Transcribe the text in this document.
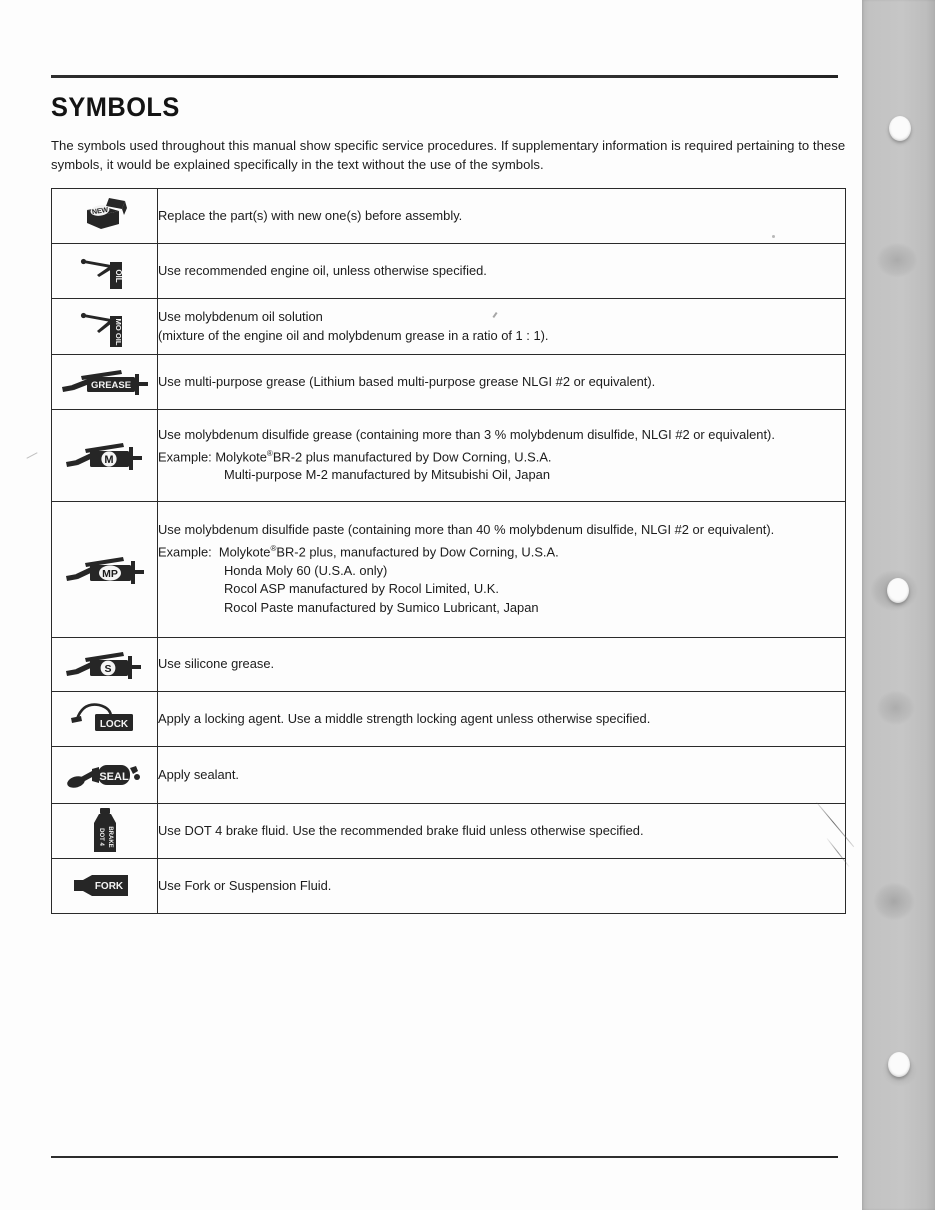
SYMBOLS
The symbols used throughout this manual show specific service procedures. If supplementary information is required pertaining to these symbols, it would be explained specifically in the text without the use of the symbols.
NEW	Replace the part(s) with new one(s) before assembly.

OIL	Use recommended engine oil, unless otherwise specified.

MO OIL	Use molybdenum oil solution
(mixture of the engine oil and molybdenum grease in a ratio of 1 : 1).

GREASE	Use multi-purpose grease (Lithium based multi-purpose grease NLGI #2 or equivalent).

M	Use molybdenum disulfide grease (containing more than 3 % molybdenum disulfide, NLGI #2 or equivalent).
Example: Molykote®BR-2 plus manufactured by Dow Corning, U.S.A.
Multi-purpose M-2 manufactured by Mitsubishi Oil, Japan

MP	Use molybdenum disulfide paste (containing more than 40 % molybdenum disulfide, NLGI #2 or equivalent).
Example:  Molykote®BR-2 plus, manufactured by Dow Corning, U.S.A.
Honda Moly 60 (U.S.A. only)
Rocol ASP manufactured by Rocol Limited, U.K.
Rocol Paste manufactured by Sumico Lubricant, Japan

S	Use silicone grease.

LOCK	Apply a locking agent. Use a middle strength locking agent unless otherwise specified.

SEAL	Apply sealant.

DOT 4 BRAKE	Use DOT 4 brake fluid. Use the recommended brake fluid unless otherwise specified.

FORK	Use Fork or Suspension Fluid.
